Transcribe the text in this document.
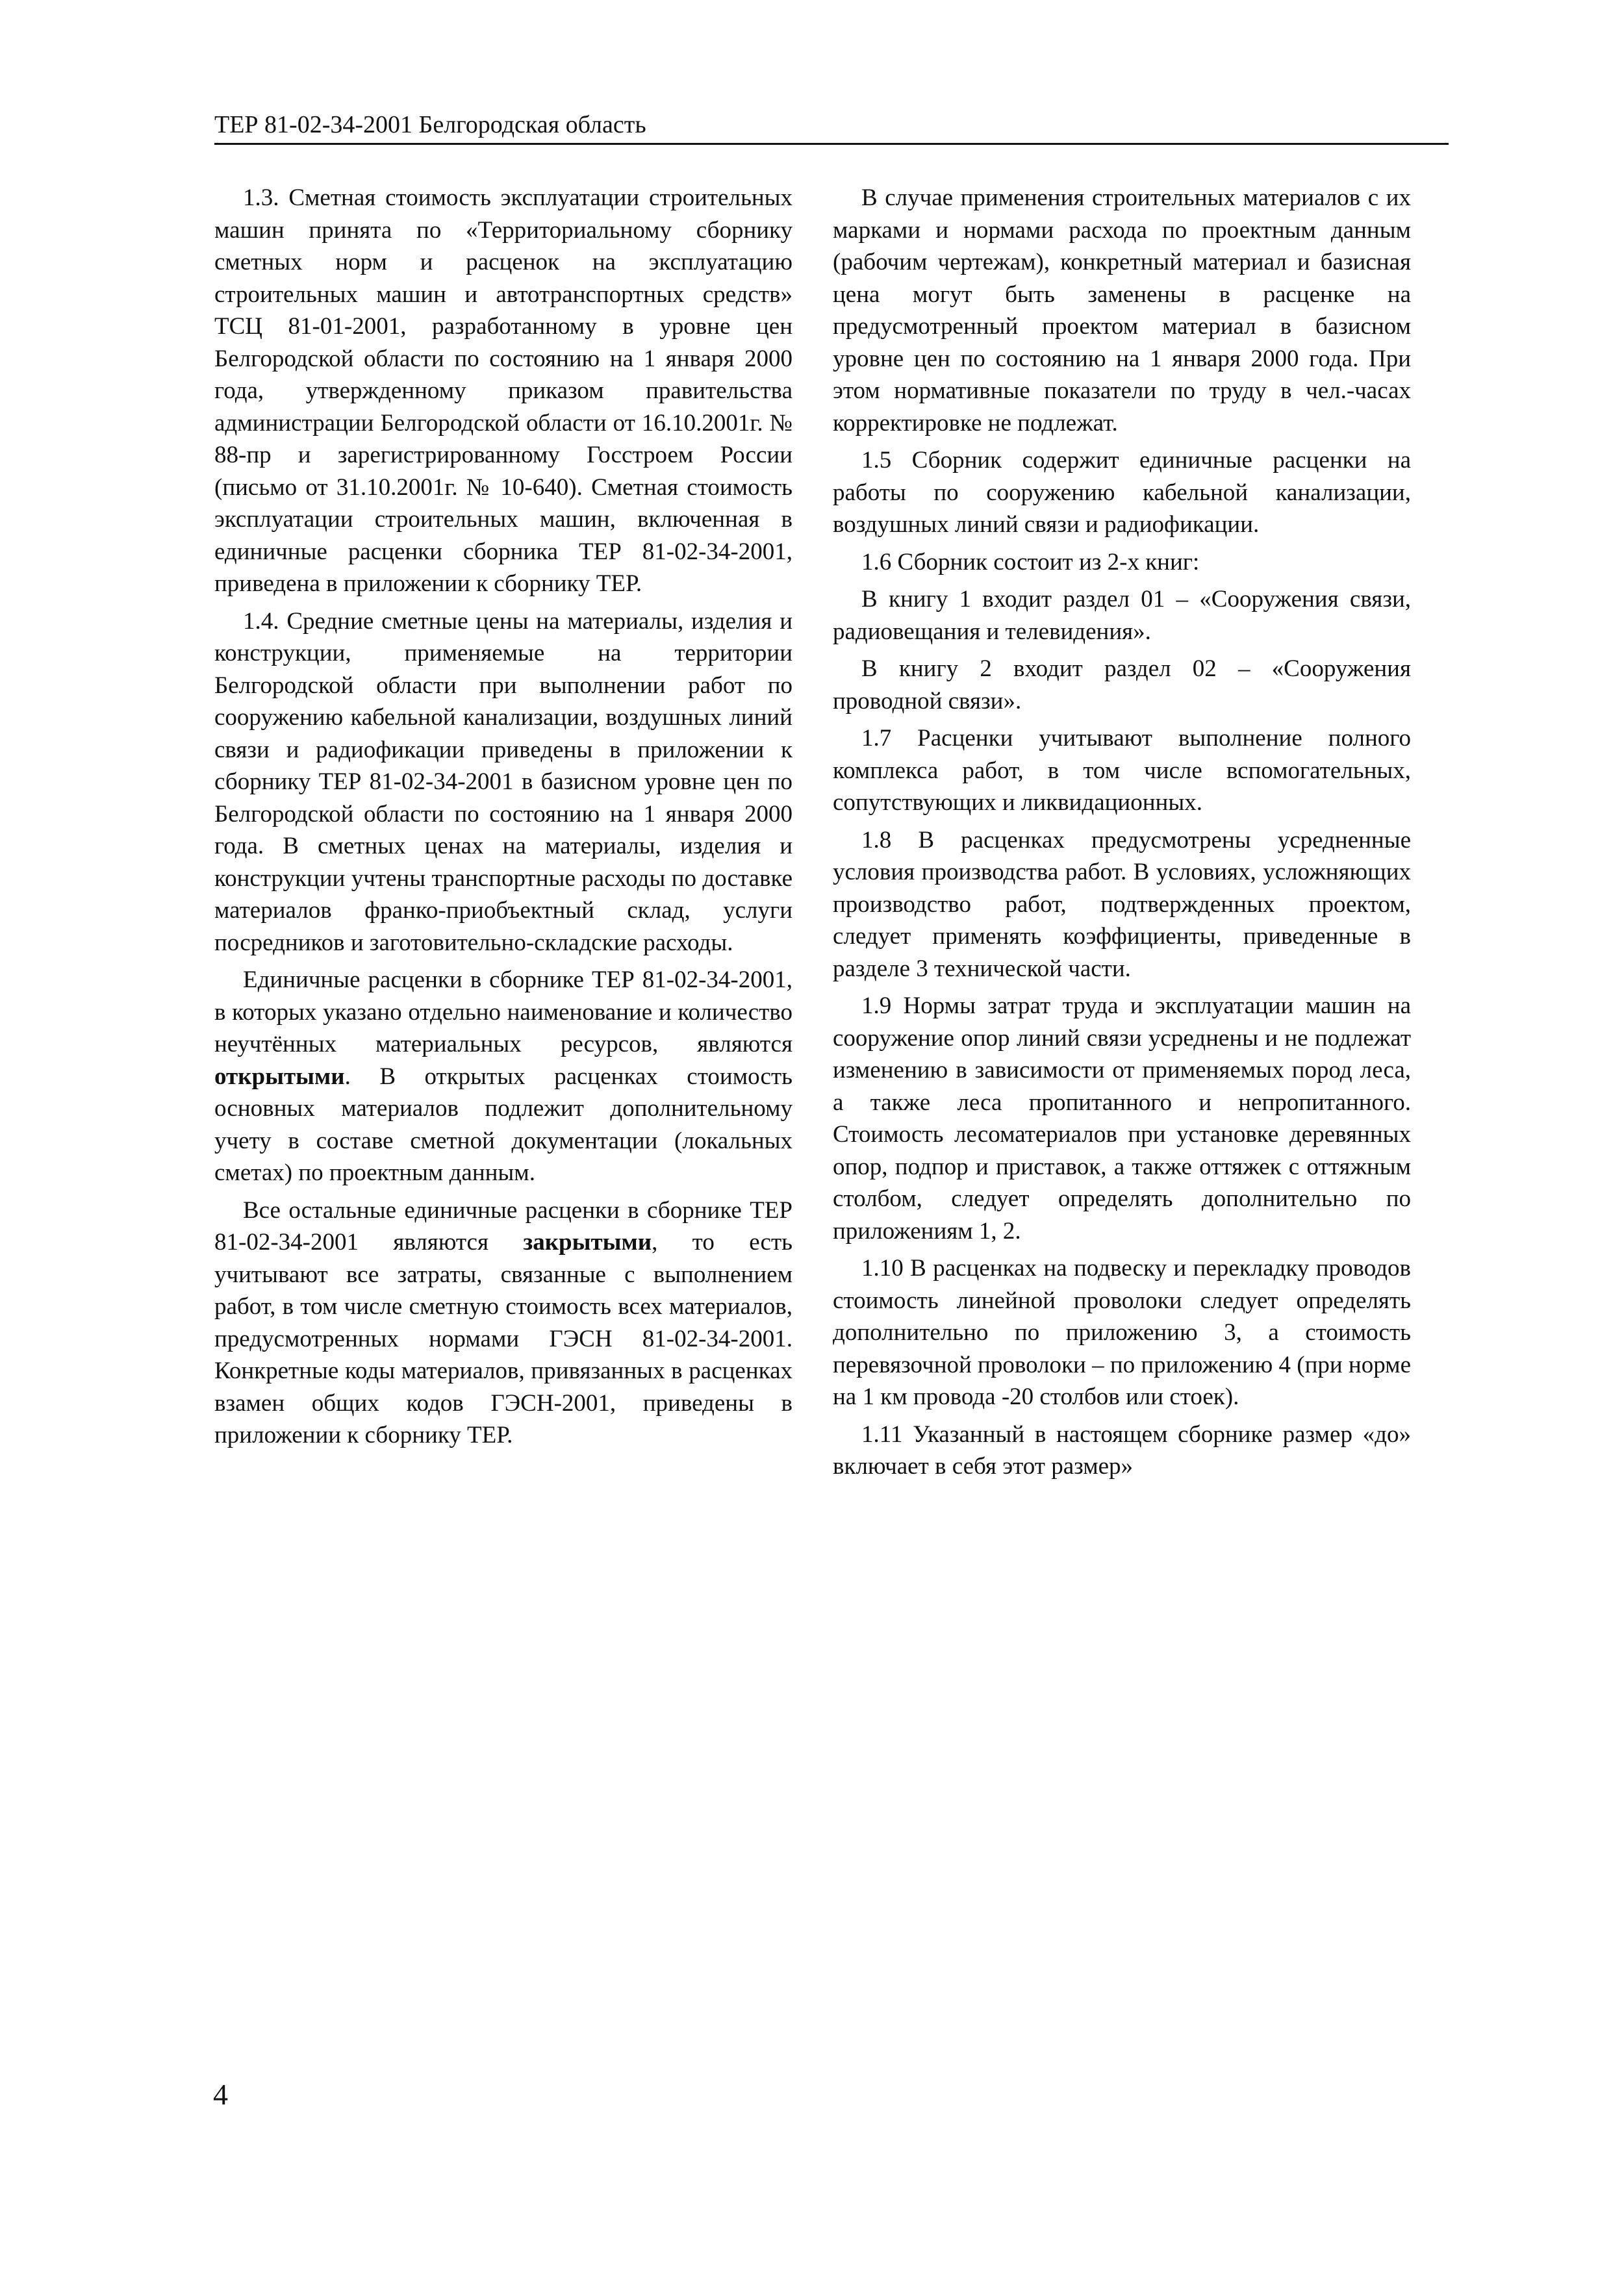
ТЕР 81-02-34-2001 Белгородская область

1.3. Сметная стоимость эксплуатации строительных машин принята по «Территориальному сборнику сметных норм и расценок на эксплуатацию строительных машин и автотранспортных средств» ТСЦ 81-01-2001, разработанному в уровне цен Белгородской области по состоянию на 1 января 2000 года, утвержденному приказом правительства администрации Белгородской области от 16.10.2001г. № 88-пр и зарегистрированному Госстроем России (письмо от 31.10.2001г. № 10-640). Сметная стоимость эксплуатации строительных машин, включенная в единичные расценки сборника ТЕР 81-02-34-2001, приведена в приложении к сборнику ТЕР.

1.4. Средние сметные цены на материалы, изделия и конструкции, применяемые на территории Белгородской области при выполнении работ по сооружению кабельной канализации, воздушных линий связи и радиофикации приведены в приложении к сборнику ТЕР 81-02-34-2001 в базисном уровне цен по Белгородской области по состоянию на 1 января 2000 года. В сметных ценах на материалы, изделия и конструкции учтены транспортные расходы по доставке материалов франко-приобъектный склад, услуги посредников и заготовительно-складские расходы.

Единичные расценки в сборнике ТЕР 81-02-34-2001, в которых указано отдельно наименование и количество неучтённых материальных ресурсов, являются открытыми. В открытых расценках стоимость основных материалов подлежит дополнительному учету в составе сметной документации (локальных сметах) по проектным данным.

Все остальные единичные расценки в сборнике ТЕР 81-02-34-2001 являются закрытыми, то есть учитывают все затраты, связанные с выполнением работ, в том числе сметную стоимость всех материалов, предусмотренных нормами ГЭСН 81-02-34-2001. Конкретные коды материалов, привязанных в расценках взамен общих кодов ГЭСН-2001, приведены в приложении к сборнику ТЕР.

В случае применения строительных материалов с их марками и нормами расхода по проектным данным (рабочим чертежам), конкретный материал и базисная цена могут быть заменены в расценке на предусмотренный проектом материал в базисном уровне цен по состоянию на 1 января 2000 года. При этом нормативные показатели по труду в чел.-часах корректировке не подлежат.

1.5 Сборник содержит единичные расценки на работы по сооружению кабельной канализации, воздушных линий связи и радиофикации.

1.6 Сборник состоит из 2-х книг:

В книгу 1 входит раздел 01 – «Сооружения связи, радиовещания и телевидения».

В книгу 2 входит раздел 02 – «Сооружения проводной связи».

1.7 Расценки учитывают выполнение полного комплекса работ, в том числе вспомогательных, сопутствующих и ликвидационных.

1.8 В расценках предусмотрены усредненные условия производства работ. В условиях, усложняющих производство работ, подтвержденных проектом, следует применять коэффициенты, приведенные в разделе 3 технической части.

1.9 Нормы затрат труда и эксплуатации машин на сооружение опор линий связи усреднены и не подлежат изменению в зависимости от применяемых пород леса, а также леса пропитанного и непропитанного. Стоимость лесоматериалов при установке деревянных опор, подпор и приставок, а также оттяжек с оттяжным столбом, следует определять дополнительно по приложениям 1, 2.

1.10 В расценках на подвеску и перекладку проводов стоимость линейной проволоки следует определять дополнительно по приложению 3, а стоимость перевязочной проволоки – по приложению 4 (при норме на 1 км провода -20 столбов или стоек).

1.11 Указанный в настоящем сборнике размер «до» включает в себя этот размер»

4
